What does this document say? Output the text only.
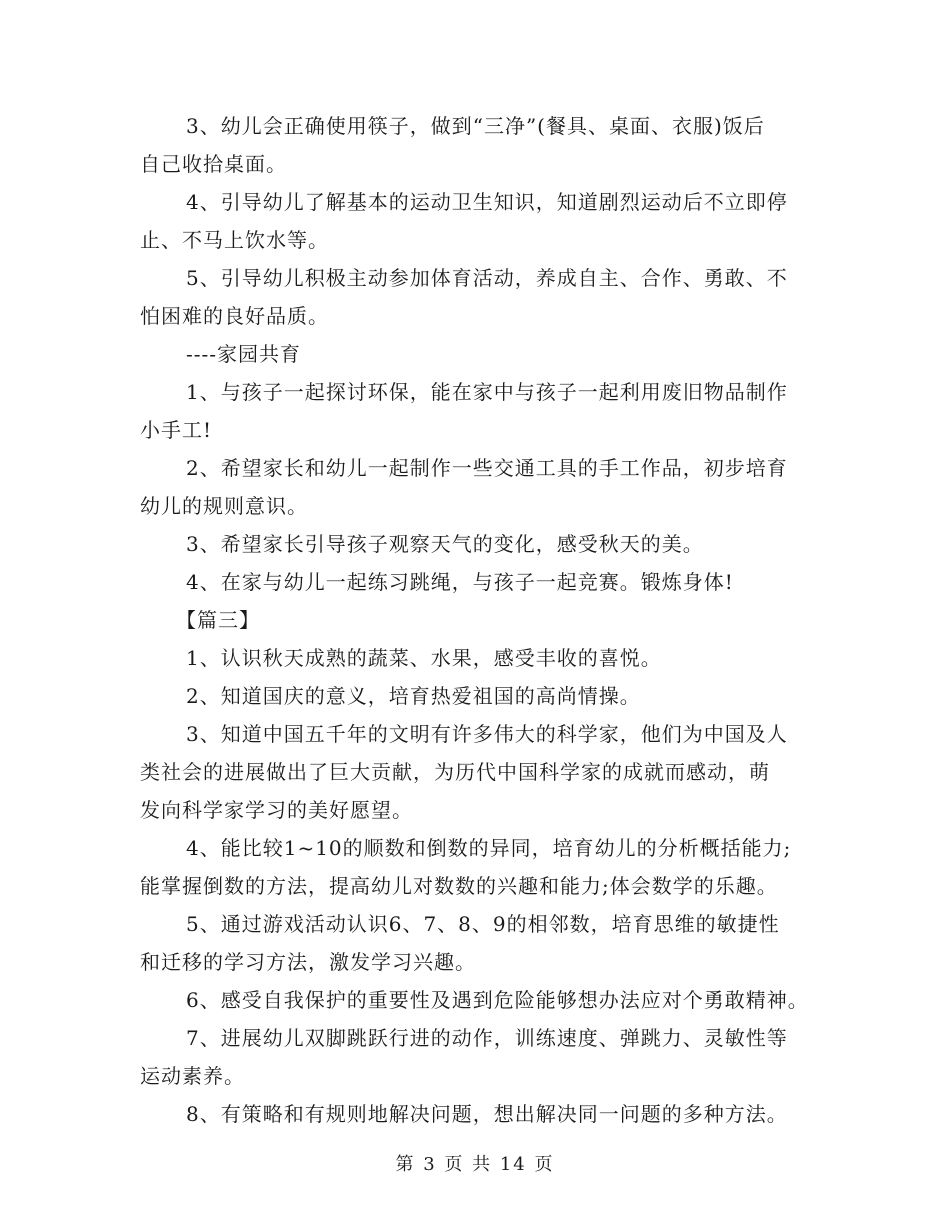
3、幼儿会正确使用筷子，做到“三净”(餐具、桌面、衣服)饭后
自己收拾桌面。
4、引导幼儿了解基本的运动卫生知识，知道剧烈运动后不立即停
止、不马上饮水等。
5、引导幼儿积极主动参加体育活动，养成自主、合作、勇敢、不
怕困难的良好品质。
----家园共育
1、与孩子一起探讨环保，能在家中与孩子一起利用废旧物品制作
小手工!
2、希望家长和幼儿一起制作一些交通工具的手工作品，初步培育
幼儿的规则意识。
3、希望家长引导孩子观察天气的变化，感受秋天的美。
4、在家与幼儿一起练习跳绳，与孩子一起竞赛。锻炼身体!
【篇三】
1、认识秋天成熟的蔬菜、水果，感受丰收的喜悦。
2、知道国庆的意义，培育热爱祖国的高尚情操。
3、知道中国五千年的文明有许多伟大的科学家，他们为中国及人
类社会的进展做出了巨大贡献，为历代中国科学家的成就而感动，萌
发向科学家学习的美好愿望。
4、能比较1~10的顺数和倒数的异同，培育幼儿的分析概括能力;
能掌握倒数的方法，提高幼儿对数数的兴趣和能力;体会数学的乐趣。
5、通过游戏活动认识6、7、8、9的相邻数，培育思维的敏捷性
和迁移的学习方法，激发学习兴趣。
6、感受自我保护的重要性及遇到危险能够想办法应对个勇敢精神。
7、进展幼儿双脚跳跃行进的动作，训练速度、弹跳力、灵敏性等
运动素养。
8、有策略和有规则地解决问题，想出解决同一问题的多种方法。
第 3 页 共 14 页
